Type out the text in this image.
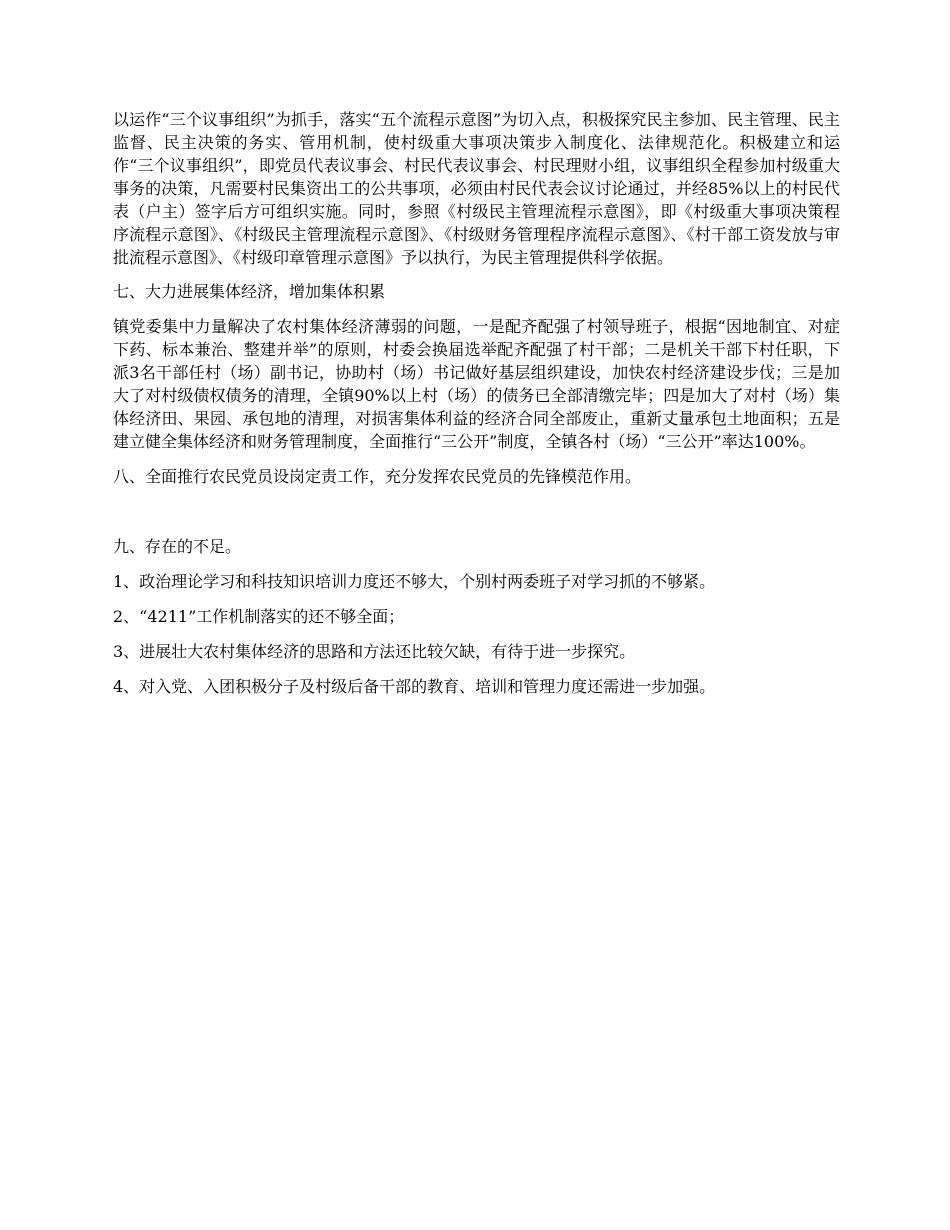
以运作“三个议事组织”为抓手，落实“五个流程示意图”为切入点，积极探究民主参加、民主管理、民主监督、民主决策的务实、管用机制，使村级重大事项决策步入制度化、法律规范化。积极建立和运作“三个议事组织”，即党员代表议事会、村民代表议事会、村民理财小组，议事组织全程参加村级重大事务的决策，凡需要村民集资出工的公共事项，必须由村民代表会议讨论通过，并经85%以上的村民代表（户主）签字后方可组织实施。同时，参照《村级民主管理流程示意图》，即《村级重大事项决策程序流程示意图》、《村级民主管理流程示意图》、《村级财务管理程序流程示意图》、《村干部工资发放与审批流程示意图》、《村级印章管理示意图》予以执行，为民主管理提供科学依据。

七、大力进展集体经济，增加集体积累

镇党委集中力量解决了农村集体经济薄弱的问题，一是配齐配强了村领导班子，根据“因地制宜、对症下药、标本兼治、整建并举”的原则，村委会换届选举配齐配强了村干部；二是机关干部下村任职，下派3名干部任村（场）副书记，协助村（场）书记做好基层组织建设，加快农村经济建设步伐；三是加大了对村级债权债务的清理，全镇90%以上村（场）的债务已全部清缴完毕；四是加大了对村（场）集体经济田、果园、承包地的清理，对损害集体利益的经济合同全部废止，重新丈量承包土地面积；五是建立健全集体经济和财务管理制度，全面推行“三公开”制度，全镇各村（场）“三公开”率达100%。

八、全面推行农民党员设岗定责工作，充分发挥农民党员的先锋模范作用。

九、存在的不足。

1、政治理论学习和科技知识培训力度还不够大，个别村两委班子对学习抓的不够紧。

2、“4211”工作机制落实的还不够全面；

3、进展壮大农村集体经济的思路和方法还比较欠缺，有待于进一步探究。

4、对入党、入团积极分子及村级后备干部的教育、培训和管理力度还需进一步加强。
